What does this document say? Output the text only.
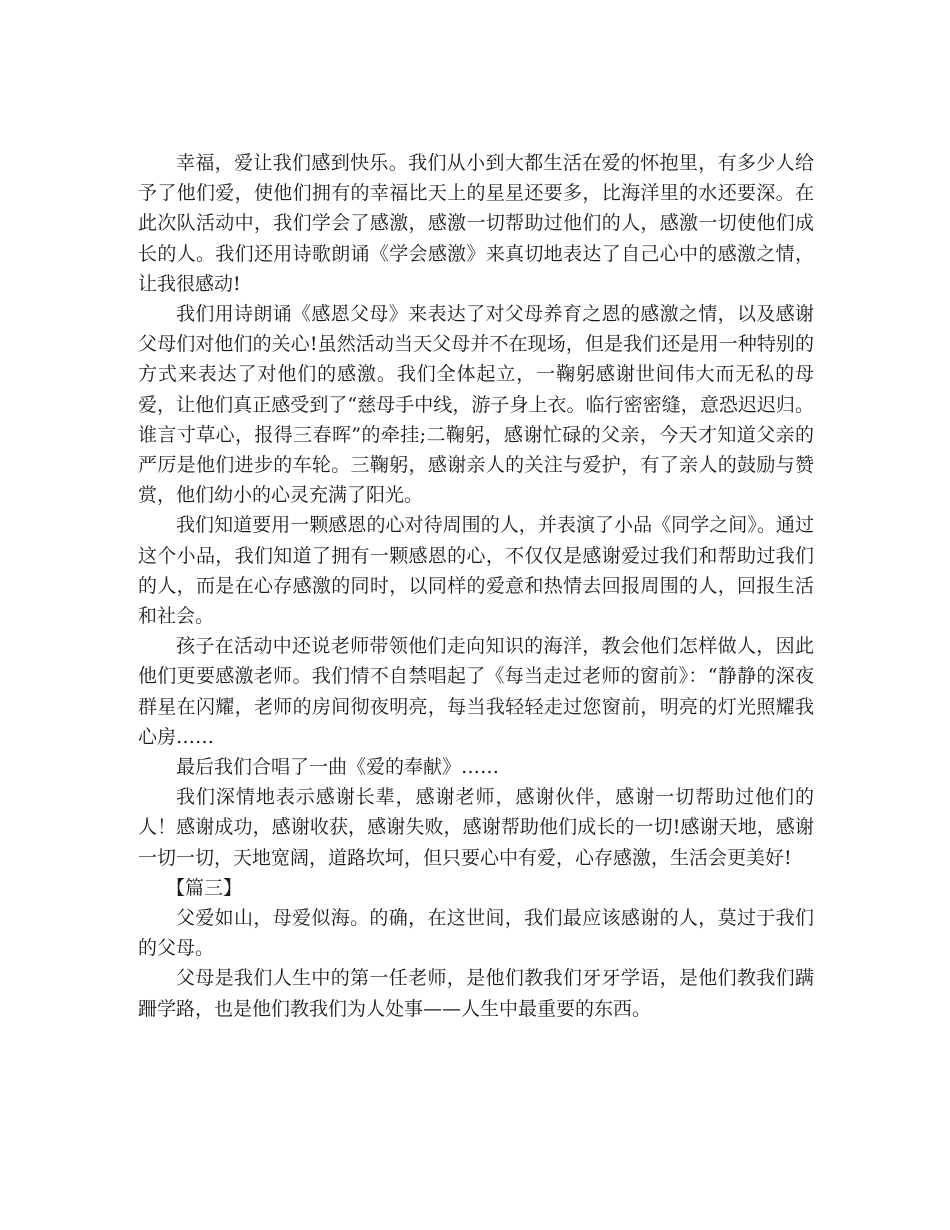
幸福，爱让我们感到快乐。我们从小到大都生活在爱的怀抱里，有多少人给予了他们爱，使他们拥有的幸福比天上的星星还要多，比海洋里的水还要深。在此次队活动中，我们学会了感激，感激一切帮助过他们的人，感激一切使他们成长的人。我们还用诗歌朗诵《学会感激》来真切地表达了自己心中的感激之情，让我很感动!

我们用诗朗诵《感恩父母》来表达了对父母养育之恩的感激之情，以及感谢父母们对他们的关心!虽然活动当天父母并不在现场，但是我们还是用一种特别的方式来表达了对他们的感激。我们全体起立，一鞠躬感谢世间伟大而无私的母爱，让他们真正感受到了“慈母手中线，游子身上衣。临行密密缝，意恐迟迟归。谁言寸草心，报得三春晖”的牵挂;二鞠躬，感谢忙碌的父亲，今天才知道父亲的严厉是他们进步的车轮。三鞠躬，感谢亲人的关注与爱护，有了亲人的鼓励与赞赏，他们幼小的心灵充满了阳光。

我们知道要用一颗感恩的心对待周围的人，并表演了小品《同学之间》。通过这个小品，我们知道了拥有一颗感恩的心，不仅仅是感谢爱过我们和帮助过我们的人，而是在心存感激的同时，以同样的爱意和热情去回报周围的人，回报生活和社会。

孩子在活动中还说老师带领他们走向知识的海洋，教会他们怎样做人，因此他们更要感激老师。我们情不自禁唱起了《每当走过老师的窗前》：“静静的深夜群星在闪耀，老师的房间彻夜明亮，每当我轻轻走过您窗前，明亮的灯光照耀我心房……

最后我们合唱了一曲《爱的奉献》……

我们深情地表示感谢长辈，感谢老师，感谢伙伴，感谢一切帮助过他们的人！感谢成功，感谢收获，感谢失败，感谢帮助他们成长的一切!感谢天地，感谢一切一切，天地宽阔，道路坎坷，但只要心中有爱，心存感激，生活会更美好!

【篇三】

父爱如山，母爱似海。的确，在这世间，我们最应该感谢的人，莫过于我们的父母。

父母是我们人生中的第一任老师，是他们教我们牙牙学语，是他们教我们蹒跚学路，也是他们教我们为人处事——人生中最重要的东西。
